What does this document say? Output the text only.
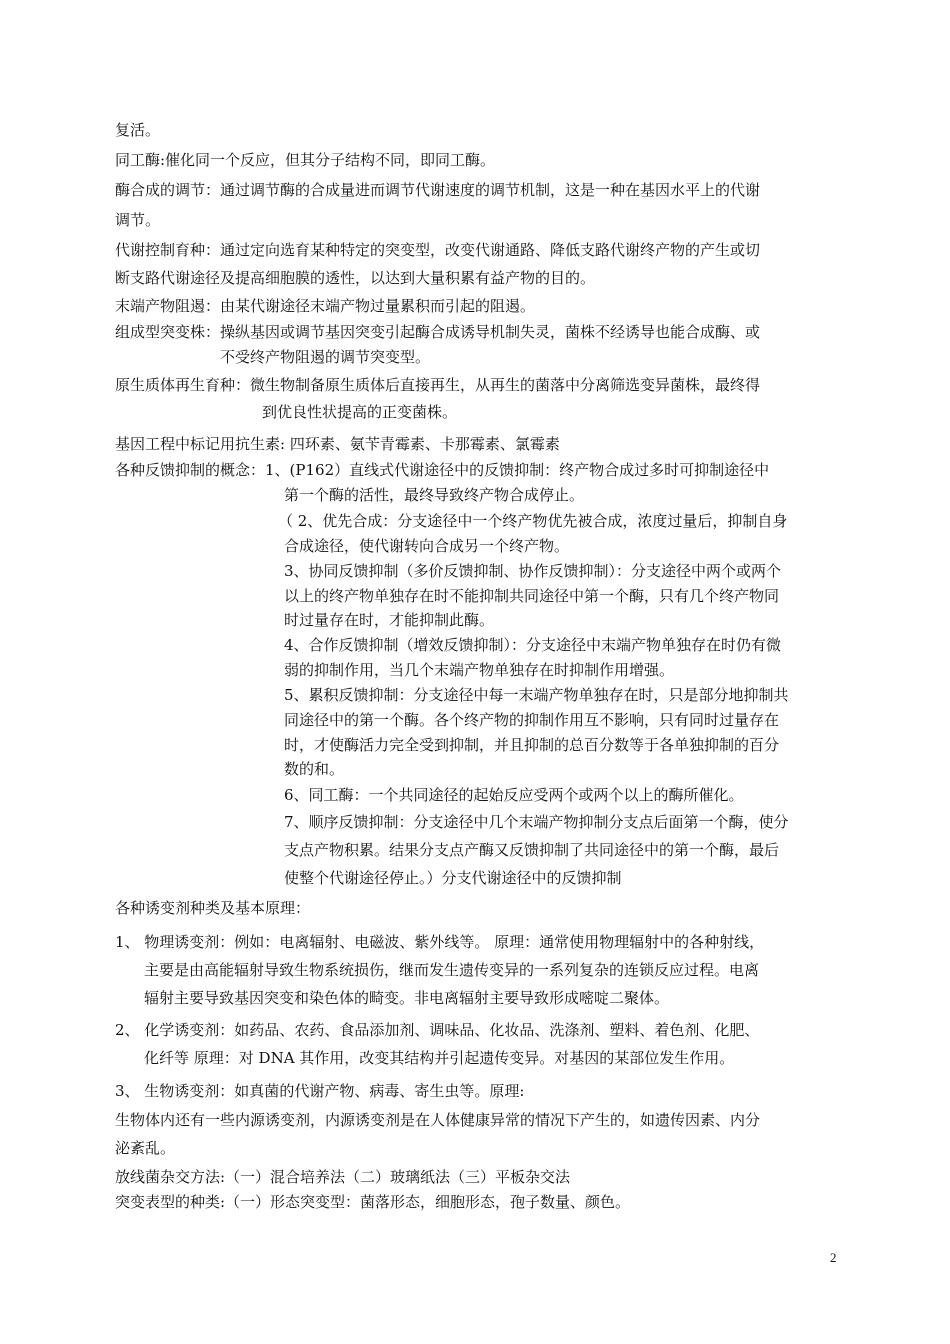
复活。
同工酶:催化同一个反应，但其分子结构不同，即同工酶。
酶合成的调节：通过调节酶的合成量进而调节代谢速度的调节机制，这是一种在基因水平上的代谢
调节。
代谢控制育种：通过定向选育某种特定的突变型，改变代谢通路、降低支路代谢终产物的产生或切
断支路代谢途径及提高细胞膜的透性，以达到大量积累有益产物的目的。
末端产物阻遏：由某代谢途径末端产物过量累积而引起的阻遏。
组成型突变株：操纵基因或调节基因突变引起酶合成诱导机制失灵，菌株不经诱导也能合成酶、或
不受终产物阻遏的调节突变型。
原生质体再生育种：微生物制备原生质体后直接再生，从再生的菌落中分离筛选变异菌株，最终得
到优良性状提高的正变菌株。
基因工程中标记用抗生素: 四环素、氨苄青霉素、卡那霉素、氯霉素
各种反馈抑制的概念：1、(P162）直线式代谢途径中的反馈抑制：终产物合成过多时可抑制途径中
第一个酶的活性，最终导致终产物合成停止。
（ 2、优先合成：分支途径中一个终产物优先被合成，浓度过量后，抑制自身
合成途径，使代谢转向合成另一个终产物。
3、协同反馈抑制（多价反馈抑制、协作反馈抑制）：分支途径中两个或两个
以上的终产物单独存在时不能抑制共同途径中第一个酶，只有几个终产物同
时过量存在时，才能抑制此酶。
4、合作反馈抑制（增效反馈抑制）：分支途径中末端产物单独存在时仍有微
弱的抑制作用，当几个末端产物单独存在时抑制作用增强。
5、累积反馈抑制：分支途径中每一末端产物单独存在时，只是部分地抑制共
同途径中的第一个酶。各个终产物的抑制作用互不影响，只有同时过量存在
时，才使酶活力完全受到抑制，并且抑制的总百分数等于各单独抑制的百分
数的和。
6、同工酶：一个共同途径的起始反应受两个或两个以上的酶所催化。
7、顺序反馈抑制：分支途径中几个末端产物抑制分支点后面第一个酶，使分
支点产物积累。结果分支点产酶又反馈抑制了共同途径中的第一个酶，最后
使整个代谢途径停止。）分支代谢途径中的反馈抑制
各种诱变剂种类及基本原理：
1、 物理诱变剂：例如：电离辐射、电磁波、紫外线等。 原理：通常使用物理辐射中的各种射线，
主要是由高能辐射导致生物系统损伤，继而发生遗传变异的一系列复杂的连锁反应过程。电离
辐射主要导致基因突变和染色体的畸变。非电离辐射主要导致形成嘧啶二聚体。
2、 化学诱变剂：如药品、农药、食品添加剂、调味品、化妆品、洗涤剂、塑料、着色剂、化肥、
化纤等 原理：对 DNA 其作用，改变其结构并引起遗传变异。对基因的某部位发生作用。
3、 生物诱变剂：如真菌的代谢产物、病毒、寄生虫等。原理:
生物体内还有一些内源诱变剂，内源诱变剂是在人体健康异常的情况下产生的，如遗传因素、内分
泌紊乱。
放线菌杂交方法:（一）混合培养法（二）玻璃纸法（三）平板杂交法
突变表型的种类:（一）形态突变型：菌落形态，细胞形态，孢子数量、颜色。
2
